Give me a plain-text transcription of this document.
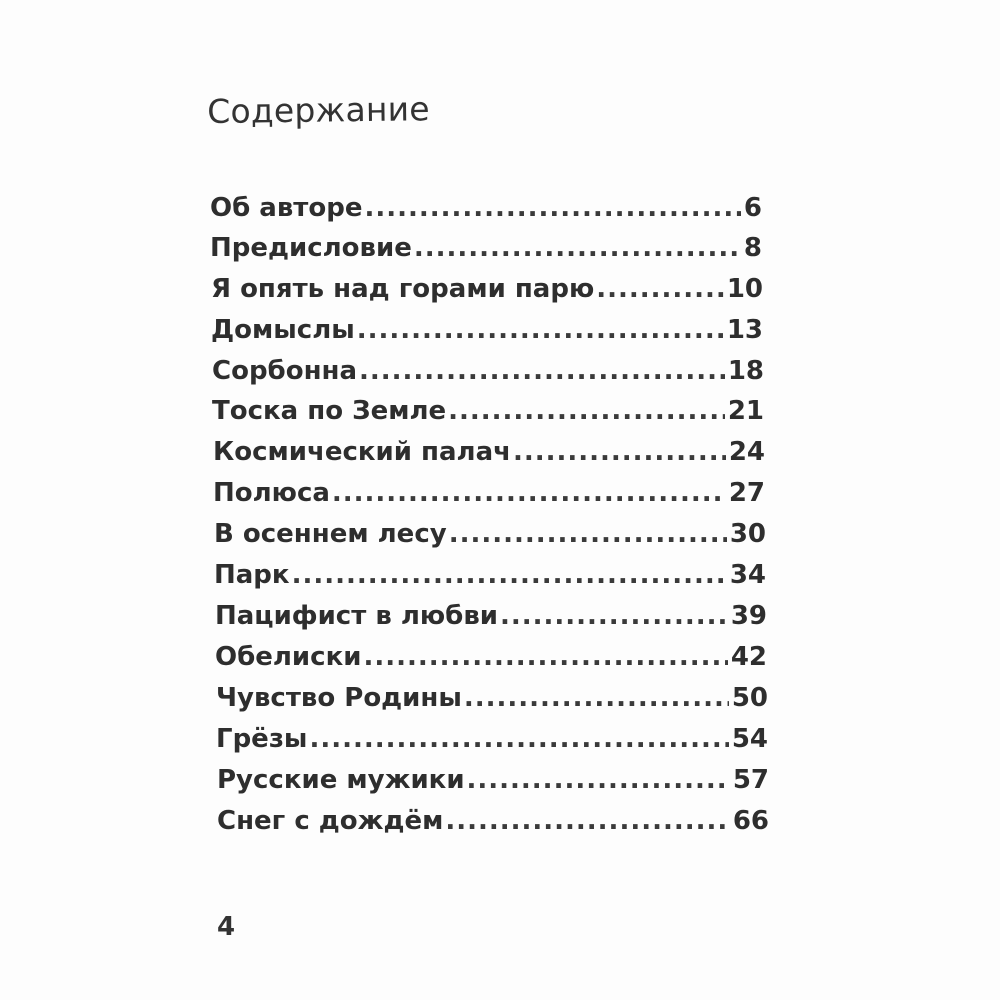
Содержание
Об авторе .....	6
Предисловие .....	8
Я опять над горами парю .....	10
Домыслы .....	13
Сорбонна .....	18
Тоска по Земле .....	21
Космический палач .....	24
Полюса .....	27
В осеннем лесу .....	30
Парк .....	34
Пацифист в любви .....	39
Обелиски .....	42
Чувство Родины .....	50
Грёзы .....	54
Русские мужики .....	57
Снег с дождём .....	66
4
